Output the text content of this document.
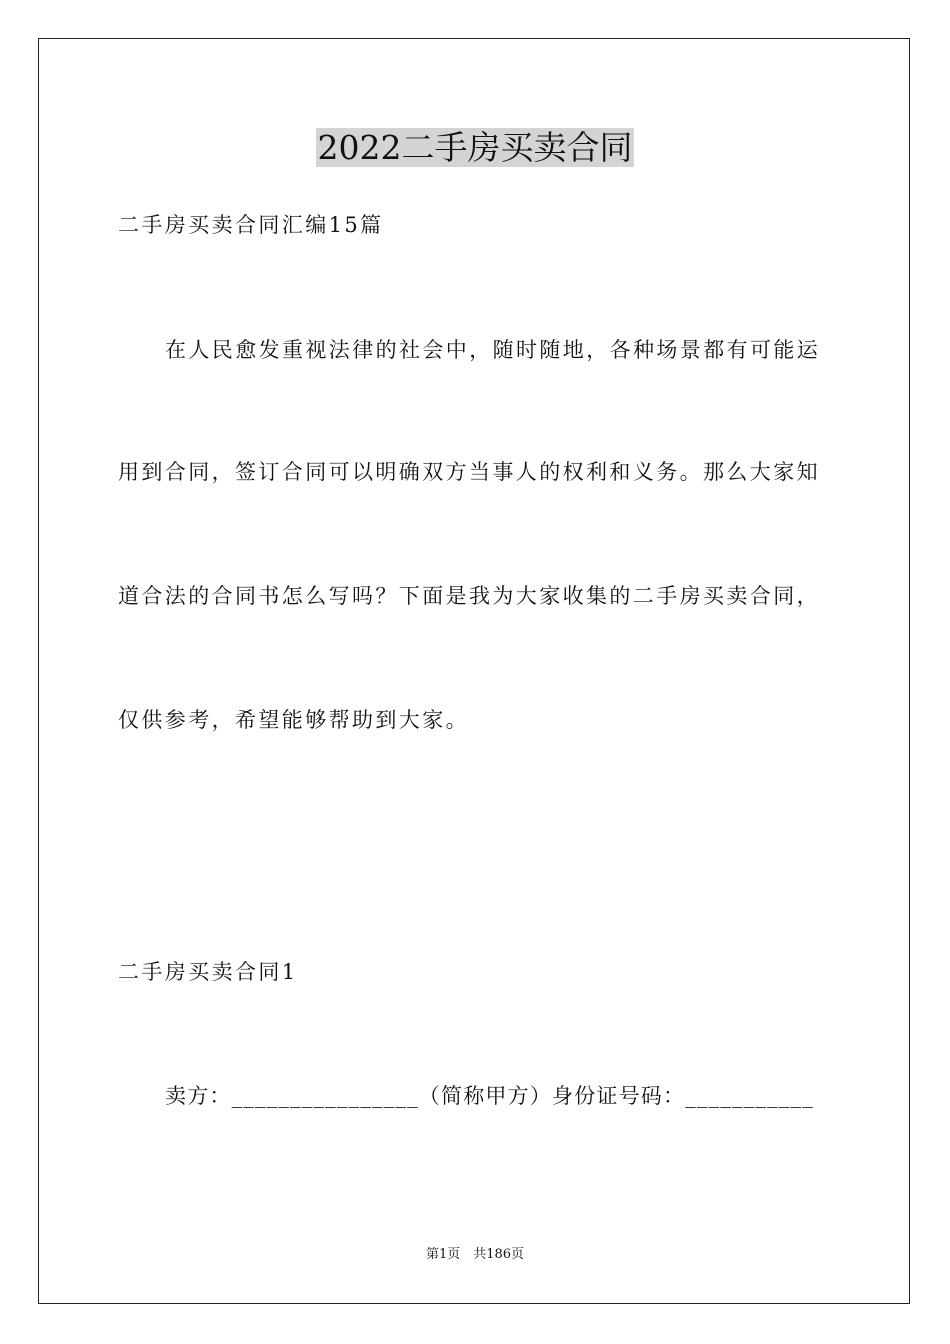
2022二手房买卖合同
二手房买卖合同汇编15篇
在人民愈发重视法律的社会中，随时随地，各种场景都有可能运
用到合同，签订合同可以明确双方当事人的权利和义务。那么大家知
道合法的合同书怎么写吗？下面是我为大家收集的二手房买卖合同，
仅供参考，希望能够帮助到大家。
二手房买卖合同1
卖方：________________（简称甲方）身份证号码：___________
第1页　共186页
